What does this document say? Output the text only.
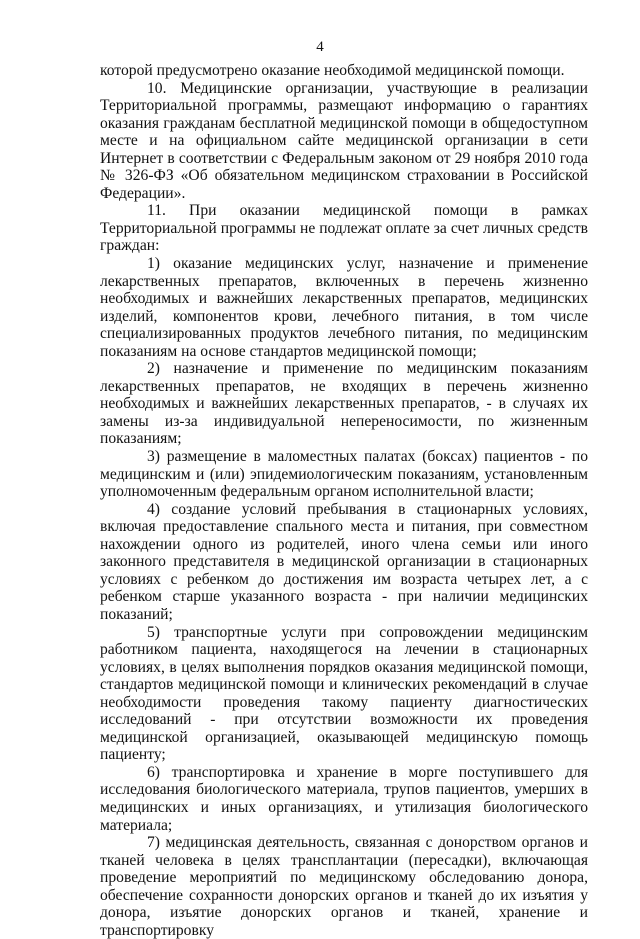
4

которой предусмотрено оказание необходимой медицинской помощи.

10. Медицинские организации, участвующие в реализации Территориальной программы, размещают информацию о гарантиях оказания гражданам бесплатной медицинской помощи в общедоступном месте и на официальном сайте медицинской организации в сети Интернет в соответствии с Федеральным законом от 29 ноября 2010 года № 326-ФЗ «Об обязательном медицинском страховании в Российской Федерации».

11. При оказании медицинской помощи в рамках Территориальной программы не подлежат оплате за счет личных средств граждан:

1) оказание медицинских услуг, назначение и применение лекарственных препаратов, включенных в перечень жизненно необходимых и важнейших лекарственных препаратов, медицинских изделий, компонентов крови, лечебного питания, в том числе специализированных продуктов лечебного питания, по медицинским показаниям на основе стандартов медицинской помощи;

2) назначение и применение по медицинским показаниям лекарственных препаратов, не входящих в перечень жизненно необходимых и важнейших лекарственных препаратов, - в случаях их замены из-за индивидуальной непереносимости, по жизненным показаниям;

3) размещение в маломестных палатах (боксах) пациентов - по медицинским и (или) эпидемиологическим показаниям, установленным уполномоченным федеральным органом исполнительной власти;

4) создание условий пребывания в стационарных условиях, включая предоставление спального места и питания, при совместном нахождении одного из родителей, иного члена семьи или иного законного представителя в медицинской организации в стационарных условиях с ребенком до достижения им возраста четырех лет, а с ребенком старше указанного возраста - при наличии медицинских показаний;

5) транспортные услуги при сопровождении медицинским работником пациента, находящегося на лечении в стационарных условиях, в целях выполнения порядков оказания медицинской помощи, стандартов медицинской помощи и клинических рекомендаций в случае необходимости проведения такому пациенту диагностических исследований - при отсутствии возможности их проведения медицинской организацией, оказывающей медицинскую помощь пациенту;

6) транспортировка и хранение в морге поступившего для исследования биологического материала, трупов пациентов, умерших в медицинских и иных организациях, и утилизация биологического материала;

7) медицинская деятельность, связанная с донорством органов и тканей человека в целях трансплантации (пересадки), включающая проведение мероприятий по медицинскому обследованию донора, обеспечение сохранности донорских органов и тканей до их изъятия у донора, изъятие донорских органов и тканей, хранение и транспортировку
